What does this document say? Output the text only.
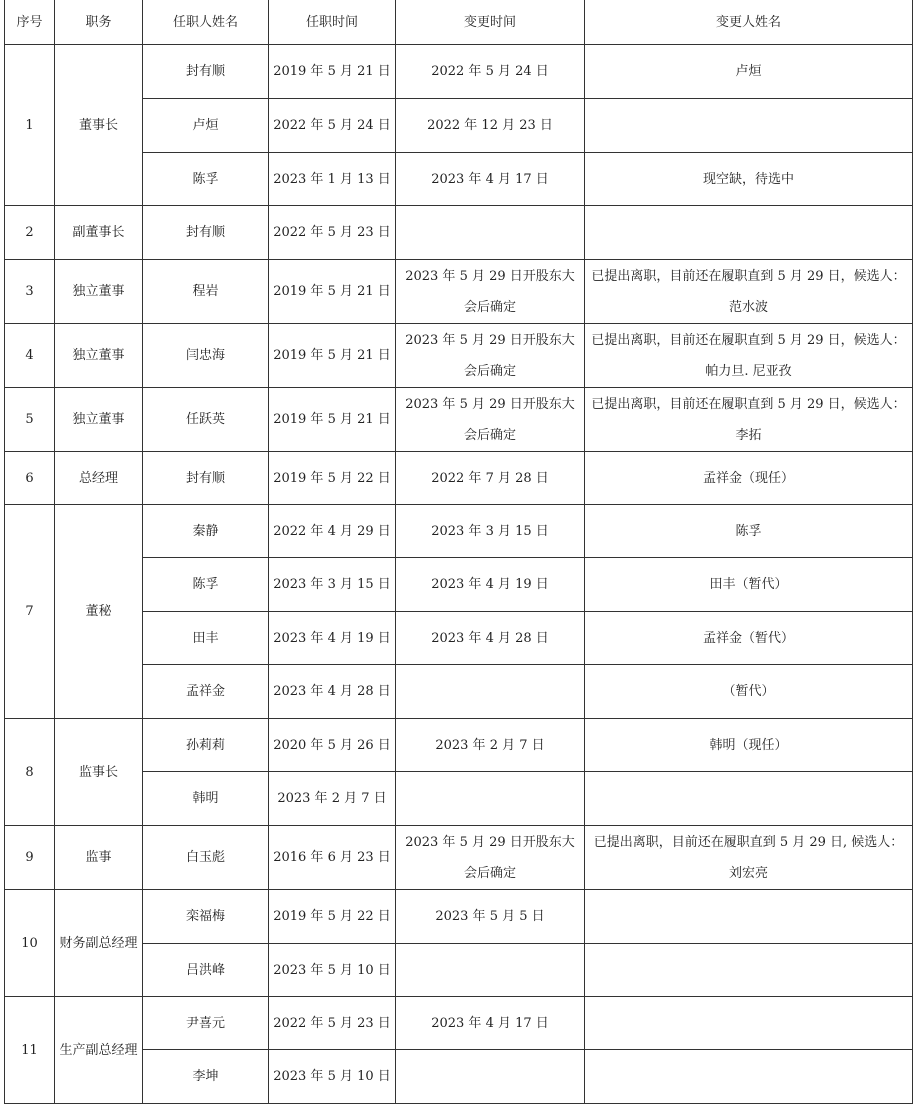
序号	职务	任职人姓名	任职时间	变更时间	变更人姓名
1	董事长	封有顺	2019 年 5 月 21 日	2022 年 5 月 24 日	卢烜
		卢烜	2022 年 5 月 24 日	2022 年 12 月 23 日	
		陈孚	2023 年 1 月 13 日	2023 年 4 月 17 日	现空缺，待选中
2	副董事长	封有顺	2022 年 5 月 23 日		
3	独立董事	程岩	2019 年 5 月 21 日	2023 年 5 月 29 日开股东大会后确定	已提出离职，目前还在履职直到 5 月 29 日，候选人：范水波
4	独立董事	闫忠海	2019 年 5 月 21 日	2023 年 5 月 29 日开股东大会后确定	已提出离职，目前还在履职直到 5 月 29 日，候选人：帕力旦. 尼亚孜
5	独立董事	任跃英	2019 年 5 月 21 日	2023 年 5 月 29 日开股东大会后确定	已提出离职，目前还在履职直到 5 月 29 日，候选人：李拓
6	总经理	封有顺	2019 年 5 月 22 日	2022 年 7 月 28 日	孟祥金（现任）
7	董秘	秦静	2022 年 4 月 29 日	2023 年 3 月 15 日	陈孚
		陈孚	2023 年 3 月 15 日	2023 年 4 月 19 日	田丰（暂代）
		田丰	2023 年 4 月 19 日	2023 年 4 月 28 日	孟祥金（暂代）
		孟祥金	2023 年 4 月 28 日		（暂代）
8	监事长	孙莉莉	2020 年 5 月 26 日	2023 年 2 月 7 日	韩明（现任）
		韩明	2023 年 2 月 7 日		
9	监事	白玉彪	2016 年 6 月 23 日	2023 年 5 月 29 日开股东大会后确定	已提出离职，目前还在履职直到 5 月 29 日, 候选人：刘宏亮
10	财务副总经理	栾福梅	2019 年 5 月 22 日	2023 年 5 月 5 日	
		吕洪峰	2023 年 5 月 10 日		
11	生产副总经理	尹喜元	2022 年 5 月 23 日	2023 年 4 月 17 日	
		李坤	2023 年 5 月 10 日		
